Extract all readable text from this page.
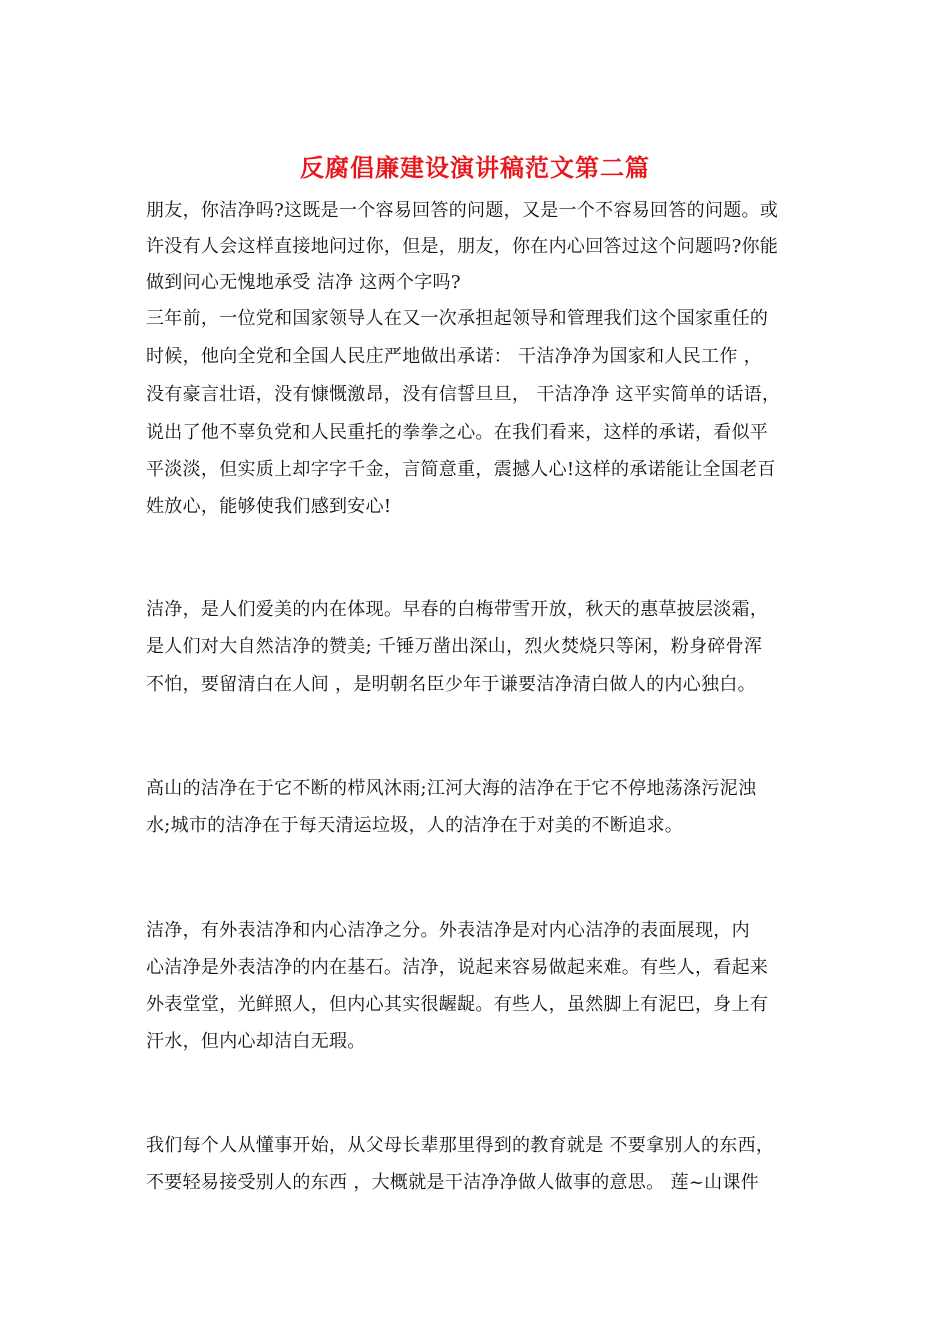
反腐倡廉建设演讲稿范文第二篇
朋友，你洁净吗?这既是一个容易回答的问题，又是一个不容易回答的问题。或
许没有人会这样直接地问过你，但是，朋友，你在内心回答过这个问题吗?你能
做到问心无愧地承受 洁净 这两个字吗?
三年前，一位党和国家领导人在又一次承担起领导和管理我们这个国家重任的
时候，他向全党和全国人民庄严地做出承诺： 干洁净净为国家和人民工作 ，
没有豪言壮语，没有慷慨激昂，没有信誓旦旦， 干洁净净 这平实简单的话语，
说出了他不辜负党和人民重托的拳拳之心。在我们看来，这样的承诺，看似平
平淡淡，但实质上却字字千金，言简意重，震撼人心!这样的承诺能让全国老百
姓放心，能够使我们感到安心!
洁净，是人们爱美的内在体现。早春的白梅带雪开放，秋天的惠草披层淡霜，
是人们对大自然洁净的赞美; 千锤万凿出深山，烈火焚烧只等闲，粉身碎骨浑
不怕，要留清白在人间 ，是明朝名臣少年于谦要洁净清白做人的内心独白。
高山的洁净在于它不断的栉风沐雨;江河大海的洁净在于它不停地荡涤污泥浊
水;城市的洁净在于每天清运垃圾，人的洁净在于对美的不断追求。
洁净，有外表洁净和内心洁净之分。外表洁净是对内心洁净的表面展现，内
心洁净是外表洁净的内在基石。洁净，说起来容易做起来难。有些人，看起来
外表堂堂，光鲜照人，但内心其实很龌龊。有些人，虽然脚上有泥巴，身上有
汗水，但内心却洁白无瑕。
我们每个人从懂事开始，从父母长辈那里得到的教育就是 不要拿别人的东西，
不要轻易接受别人的东西 ，大概就是干洁净净做人做事的意思。 莲~山课件
